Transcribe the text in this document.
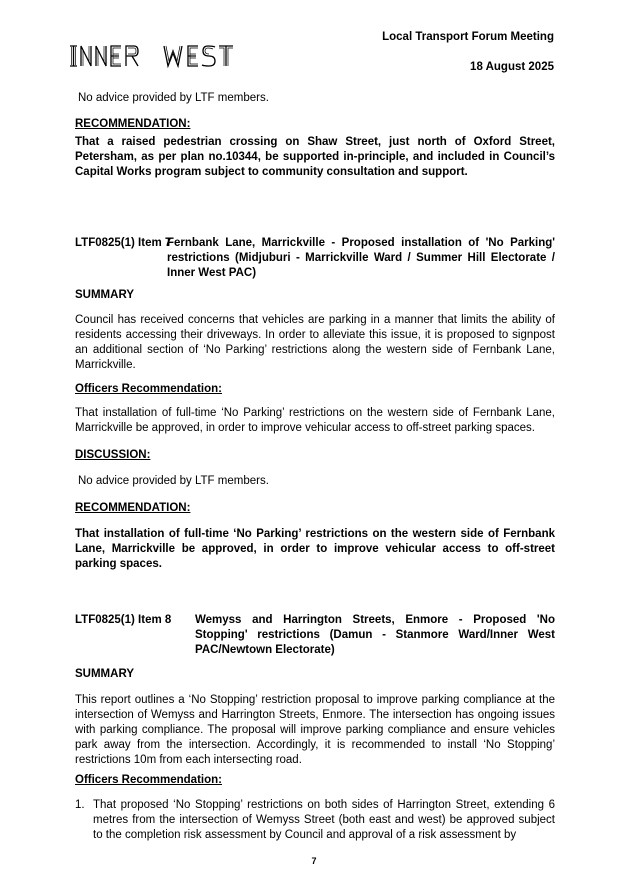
Local Transport Forum Meeting
18 August 2025

No advice provided by LTF members.

RECOMMENDATION:

That a raised pedestrian crossing on Shaw Street, just north of Oxford Street, Petersham, as per plan no.10344, be supported in-principle, and included in Council’s Capital Works program subject to community consultation and support.

LTF0825(1) Item 7
Fernbank Lane, Marrickville - Proposed installation of 'No Parking' restrictions (Midjuburi - Marrickville Ward / Summer Hill Electorate / Inner West PAC)

SUMMARY

Council has received concerns that vehicles are parking in a manner that limits the ability of residents accessing their driveways. In order to alleviate this issue, it is proposed to signpost an additional section of ‘No Parking’ restrictions along the western side of Fernbank Lane, Marrickville.

Officers Recommendation:

That installation of full-time ‘No Parking’ restrictions on the western side of Fernbank Lane, Marrickville be approved, in order to improve vehicular access to off-street parking spaces.

DISCUSSION:

No advice provided by LTF members.

RECOMMENDATION:

That installation of full-time ‘No Parking’ restrictions on the western side of Fernbank Lane, Marrickville be approved, in order to improve vehicular access to off-street parking spaces.

LTF0825(1) Item 8	Wemyss and Harrington Streets, Enmore - Proposed 'No Stopping' restrictions (Damun - Stanmore Ward/Inner West PAC/Newtown Electorate)

SUMMARY

This report outlines a ‘No Stopping’ restriction proposal to improve parking compliance at the intersection of Wemyss and Harrington Streets, Enmore. The intersection has ongoing issues with parking compliance. The proposal will improve parking compliance and ensure vehicles park away from the intersection. Accordingly, it is recommended to install ‘No Stopping’ restrictions 10m from each intersecting road.

Officers Recommendation:

1. That proposed ‘No Stopping’ restrictions on both sides of Harrington Street, extending 6 metres from the intersection of Wemyss Street (both east and west) be approved subject to the completion risk assessment by Council and approval of a risk assessment by
7
